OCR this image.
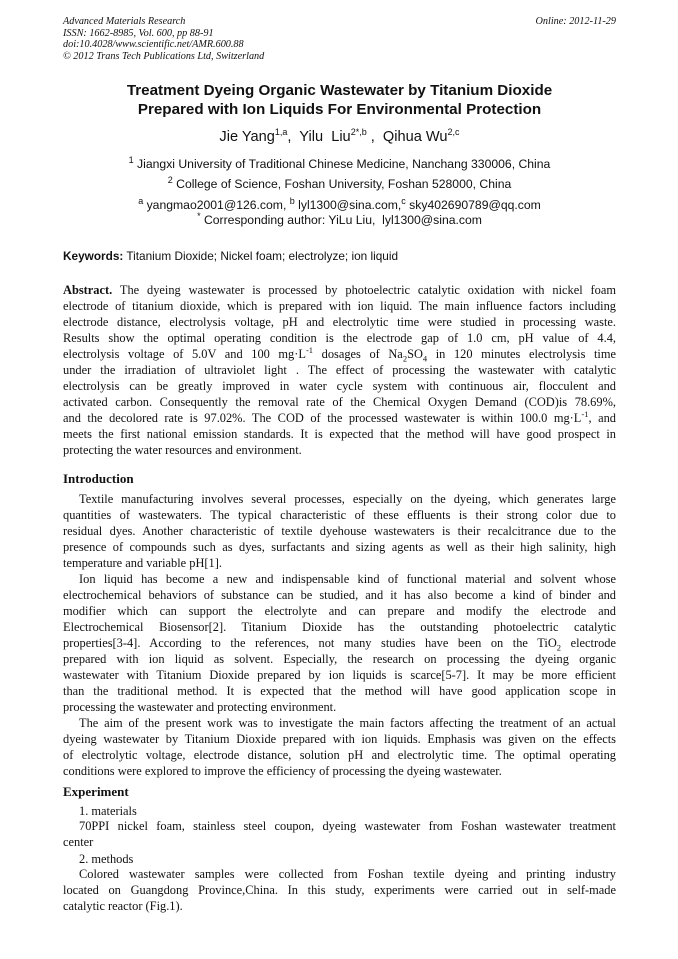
Advanced Materials Research
ISSN: 1662-8985, Vol. 600, pp 88-91
doi:10.4028/www.scientific.net/AMR.600.88
© 2012 Trans Tech Publications Ltd, Switzerland
Online: 2012-11-29
Treatment Dyeing Organic Wastewater by Titanium Dioxide
Prepared with Ion Liquids For Environmental Protection
Jie Yang$^{1,a}$,  Yilu  Liu$^{2*,b}$ ,  Qihua Wu$^{2,c}$
$^1$ Jiangxi University of Traditional Chinese Medicine, Nanchang 330006, China
$^2$ College of Science, Foshan University, Foshan 528000, China
$^a$ yangmao2001@126.com, $^b$ lyl1300@sina.com,$^c$ sky402690789@qq.com
* Corresponding author: YiLu Liu,  lyl1300@sina.com
Keywords: Titanium Dioxide; Nickel foam; electrolyze; ion liquid
Abstract. The dyeing wastewater is processed by photoelectric catalytic oxidation with nickel foam
electrode of titanium dioxide, which is prepared with ion liquid. The main influence factors including
electrode distance, electrolysis voltage, pH and electrolytic time were studied in processing waste.
Results show the optimal operating condition is the electrode gap of 1.0 cm, pH value of 4.4,
electrolysis voltage of 5.0V and 100 $mg\cdot L^{-1}$ dosages of $Na_2SO_4$ in 120 minutes electrolysis time
under the irradiation of ultraviolet light . The effect of processing the wastewater with catalytic
electrolysis can be greatly improved in water cycle system with continuous air, flocculent and
activated carbon. Consequently the removal rate of the Chemical Oxygen Demand (COD)is 78.69%,
and the decolored rate is 97.02%. The COD of the processed wastewater is within 100.0 $mg\cdot L^{-1}$, and
meets the first national emission standards. It is expected that the method will have good prospect in
protecting the water resources and environment.
Introduction
Textile manufacturing involves several processes, especially on the dyeing, which generates large
quantities of wastewaters. The typical characteristic of these effluents is their strong color due to
residual dyes. Another characteristic of textile dyehouse wastewaters is their recalcitrance due to the
presence of compounds such as dyes, surfactants and sizing agents as well as their high salinity, high
temperature and variable pH[1].
Ion liquid has become a new and indispensable kind of functional material and solvent whose
electrochemical behaviors of substance can be studied, and it has also become a kind of binder and
modifier which can support the electrolyte and can prepare and modify the electrode and
Electrochemical Biosensor[2]. Titanium Dioxide has the outstanding photoelectric catalytic
properties[3-4]. According to the references, not many studies have been on the TiO$_2$ electrode
prepared with ion liquid as solvent. Especially, the research on processing the dyeing organic
wastewater with Titanium Dioxide prepared by ion liquids is scarce[5-7]. It may be more efficient
than the traditional method. It is expected that the method will have good application scope in
processing the wastewater and protecting environment.
The aim of the present work was to investigate the main factors affecting the treatment of an actual
dyeing wastewater by Titanium Dioxide prepared with ion liquids. Emphasis was given on the effects
of electrolytic voltage, electrode distance, solution pH and electrolytic time. The optimal operating
conditions were explored to improve the efficiency of processing the dyeing wastewater.
Experiment
1. materials
70PPI nickel foam, stainless steel coupon, dyeing wastewater from Foshan wastewater treatment
center
2. methods
Colored wastewater samples were collected from Foshan textile dyeing and printing industry
located on Guangdong Province,China. In this study, experiments were carried out in self-made
catalytic reactor (Fig.1).
